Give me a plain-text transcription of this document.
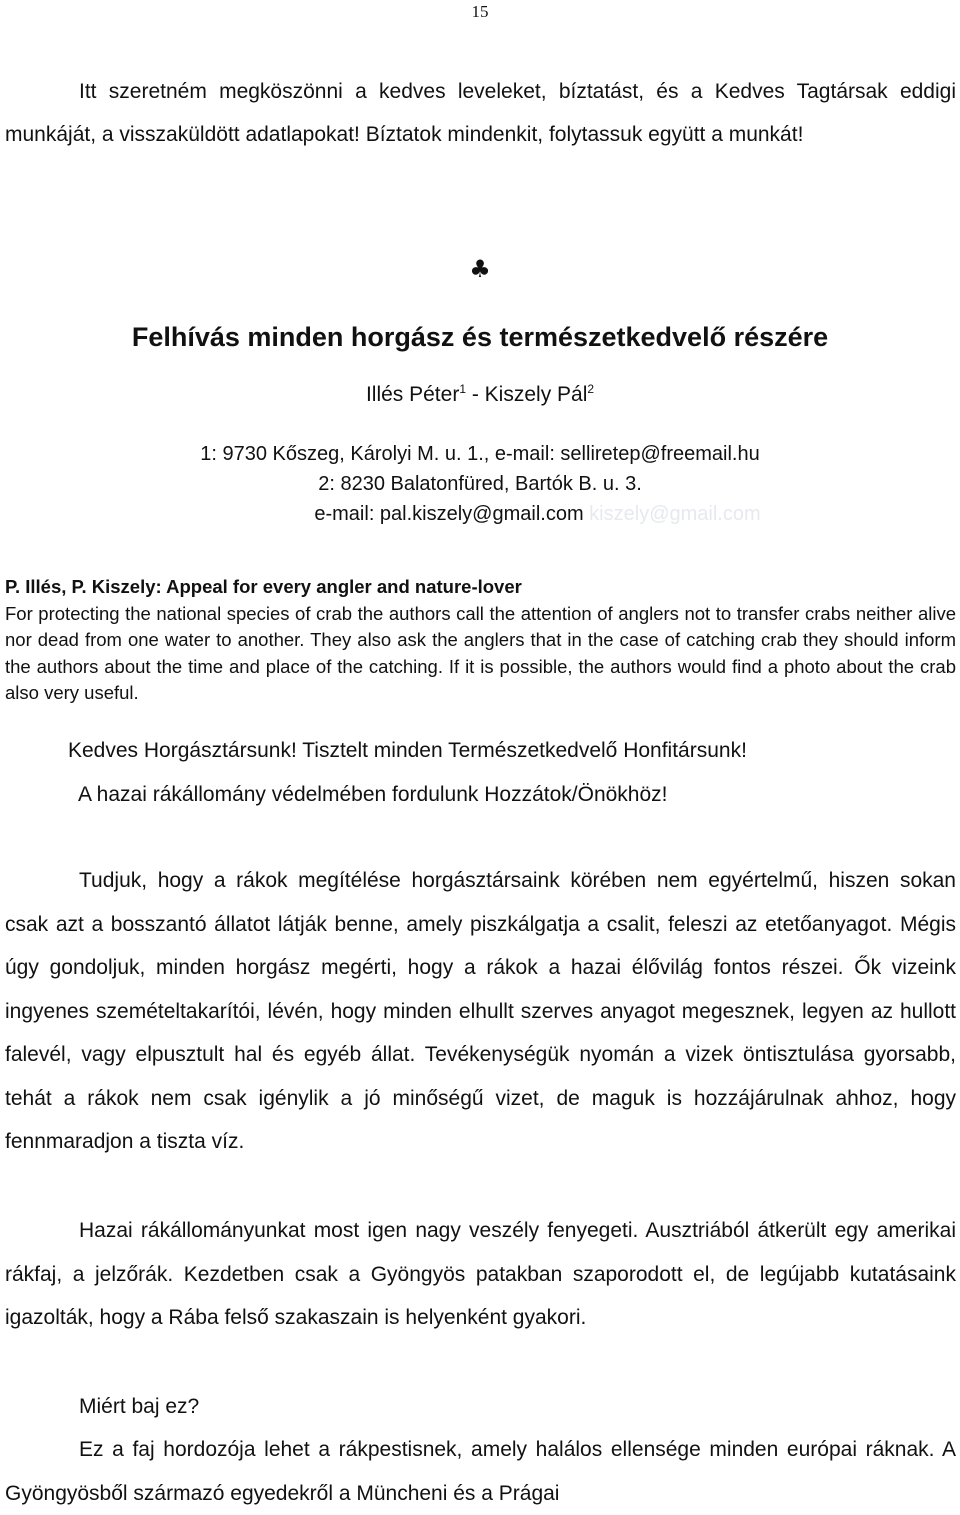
15

Itt szeretném megköszönni a kedves leveleket, bíztatást, és a Kedves Tagtársak eddigi munkáját, a visszaküldött adatlapokat! Bíztatok mindenkit, folytassuk együtt a munkát!

♣
Felhívás minden horgász és természetkedvelő részére
Illés Péter$^1$ - Kiszely Pál$^2$
1: 9730 Kőszeg, Károlyi M. u. 1., e-mail: selliretep@freemail.hu
2: 8230 Balatonfüred, Bartók B. u. 3.
e-mail: pal.kiszely@gmail.com kiszely@gmail.com
P. Illés, P. Kiszely: Appeal for every angler and nature-lover
For protecting the national species of crab the authors call the attention of anglers not to transfer crabs neither alive nor dead from one water to another. They also ask the anglers that in the case of catching crab they should inform the authors about the time and place of the catching. If it is possible, the authors would find a photo about the crab also very useful.
Kedves Horgásztársunk! Tisztelt minden Természetkedvelő Honfitársunk!
A hazai rákállomány védelmében fordulunk Hozzátok/Önökhöz!

Tudjuk, hogy a rákok megítélése horgásztársaink körében nem egyértelmű, hiszen sokan csak azt a bosszantó állatot látják benne, amely piszkálgatja a csalit, feleszi az etetőanyagot. Mégis úgy gondoljuk, minden horgász megérti, hogy a rákok a hazai élővilág fontos részei. Ők vizeink ingyenes szemételtakarítói, lévén, hogy minden elhullt szerves anyagot megesznek, legyen az hullott falevél, vagy elpusztult hal és egyéb állat. Tevékenységük nyomán a vizek öntisztulása gyorsabb, tehát a rákok nem csak igénylik a jó minőségű vizet, de maguk is hozzájárulnak ahhoz, hogy fennmaradjon a tiszta víz.

Hazai rákállományunkat most igen nagy veszély fenyegeti. Ausztriából átkerült egy amerikai rákfaj, a jelzőrák. Kezdetben csak a Gyöngyös patakban szaporodott el, de legújabb kutatásaink igazolták, hogy a Rába felső szakaszain is helyenként gyakori.

Miért baj ez?

Ez a faj hordozója lehet a rákpestisnek, amely halálos ellensége minden európai ráknak. A Gyöngyösből származó egyedekről a Müncheni és a Prágai
